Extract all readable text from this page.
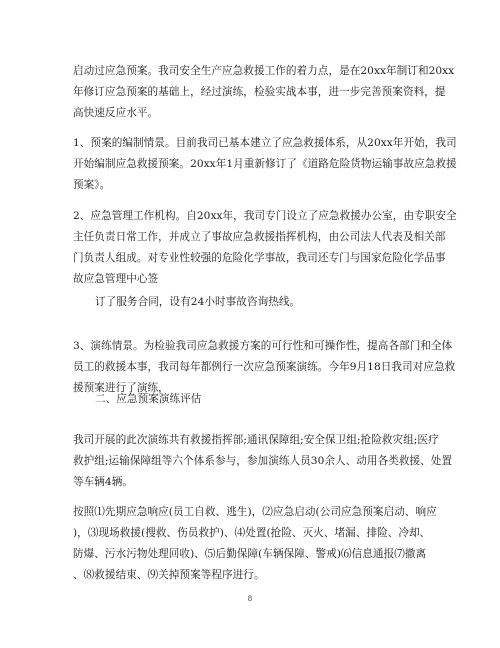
启动过应急预案。我司安全生产应急救援工作的着力点，是在20xx年制订和20xx
年修订应急预案的基础上，经过演练，检验实战本事，进一步完善预案资料，提
高快速反应水平。
1、预案的编制情景。目前我司已基本建立了应急救援体系，从20xx年开始，我司
开始编制应急救援预案。20xx年1月重新修订了《道路危险货物运输事故应急救援
预案》。
2、应急管理工作机构。自20xx年，我司专门设立了应急救援办公室，由专职安全
主任负责日常工作，并成立了事故应急救援指挥机构，由公司法人代表及相关部
门负责人组成。对专业性较强的危险化学事故，我司还专门与国家危险化学品事
故应急管理中心签
订了服务合同，设有24小时事故咨询热线。
3、演练情景。为检验我司应急救援方案的可行性和可操作性，提高各部门和全体
员工的救援本事，我司每年都例行一次应急预案演练。今年9月18日我司对应急救
援预案进行了演练，
二、应急预案演练评估
我司开展的此次演练共有救援指挥部;通讯保障组;安全保卫组;抢险救灾组;医疗
救护组;运输保障组等六个体系参与，参加演练人员30余人、动用各类救援、处置
等车辆4辆。
按照⑴先期应急响应(员工自救、逃生)，⑵应急启动(公司应急预案启动、响应
)，⑶现场救援(搜救、伤员救护)、⑷处置(抢险、灭火、堵漏、排险、冷却、
防爆、污水污物处理回收)、⑸后勤保障(车辆保障、警戒)⑹信息通报⑺撤离
、⑻救援结束、⑼关掉预案等程序进行。
8
